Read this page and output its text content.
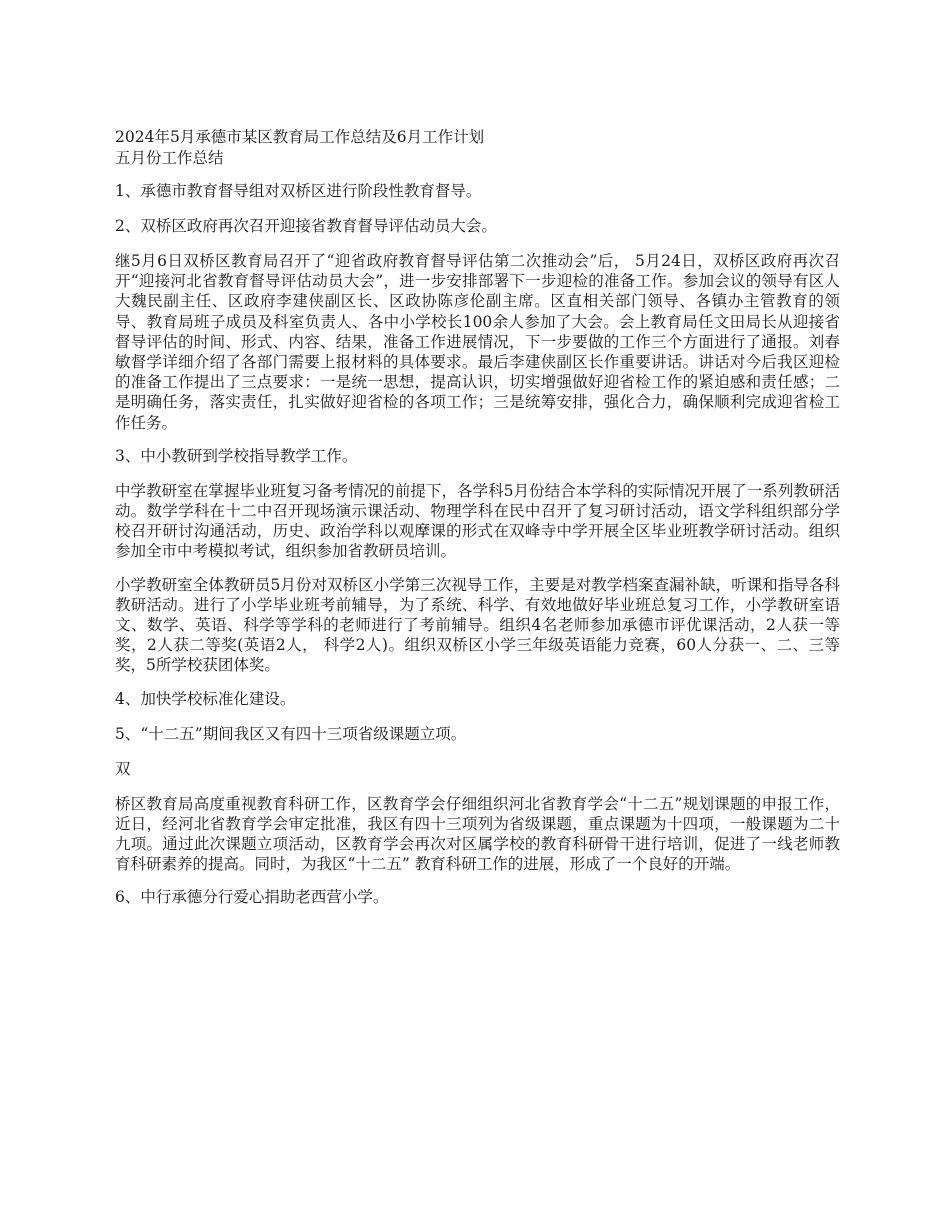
2024年5月承德市某区教育局工作总结及6月工作计划
五月份工作总结
1、承德市教育督导组对双桥区进行阶段性教育督导。
2、双桥区政府再次召开迎接省教育督导评估动员大会。

继5月6日双桥区教育局召开了“迎省政府教育督导评估第二次推动会”后， 5月24日，双桥区政府再次召开“迎接河北省教育督导评估动员大会”，进一步安排部署下一步迎检的准备工作。参加会议的领导有区人大魏民副主任、区政府李建侠副区长、区政协陈彦伦副主席。区直相关部门领导、各镇办主管教育的领导、教育局班子成员及科室负责人、各中小学校长100余人参加了大会。会上教育局任文田局长从迎接省督导评估的时间、形式、内容、结果，准备工作进展情况，下一步要做的工作三个方面进行了通报。刘春敏督学详细介绍了各部门需要上报材料的具体要求。最后李建侠副区长作重要讲话。讲话对今后我区迎检的准备工作提出了三点要求：一是统一思想，提高认识，切实增强做好迎省检工作的紧迫感和责任感；二是明确任务，落实责任，扎实做好迎省检的各项工作；三是统筹安排，强化合力，确保顺利完成迎省检工作任务。

3、中小教研到学校指导教学工作。

中学教研室在掌握毕业班复习备考情况的前提下，各学科5月份结合本学科的实际情况开展了一系列教研活动。数学学科在十二中召开现场演示课活动、物理学科在民中召开了复习研讨活动，语文学科组织部分学校召开研讨沟通活动，历史、政治学科以观摩课的形式在双峰寺中学开展全区毕业班教学研讨活动。组织参加全市中考模拟考试，组织参加省教研员培训。

小学教研室全体教研员5月份对双桥区小学第三次视导工作，主要是对教学档案查漏补缺，听课和指导各科教研活动。进行了小学毕业班考前辅导，为了系统、科学、有效地做好毕业班总复习工作，小学教研室语文、数学、英语、科学等学科的老师进行了考前辅导。组织4名老师参加承德市评优课活动，2人获一等奖，2人获二等奖(英语2人， 科学2人)。组织双桥区小学三年级英语能力竞赛，60人分获一、二、三等奖，5所学校获团体奖。

4、加快学校标准化建设。
5、“十二五”期间我区又有四十三项省级课题立项。
双

桥区教育局高度重视教育科研工作，区教育学会仔细组织河北省教育学会“十二五”规划课题的申报工作，近日，经河北省教育学会审定批准，我区有四十三项列为省级课题，重点课题为十四项，一般课题为二十九项。通过此次课题立项活动，区教育学会再次对区属学校的教育科研骨干进行培训，促进了一线老师教育科研素养的提高。同时，为我区“十二五” 教育科研工作的进展，形成了一个良好的开端。

6、中行承德分行爱心捐助老西营小学。
